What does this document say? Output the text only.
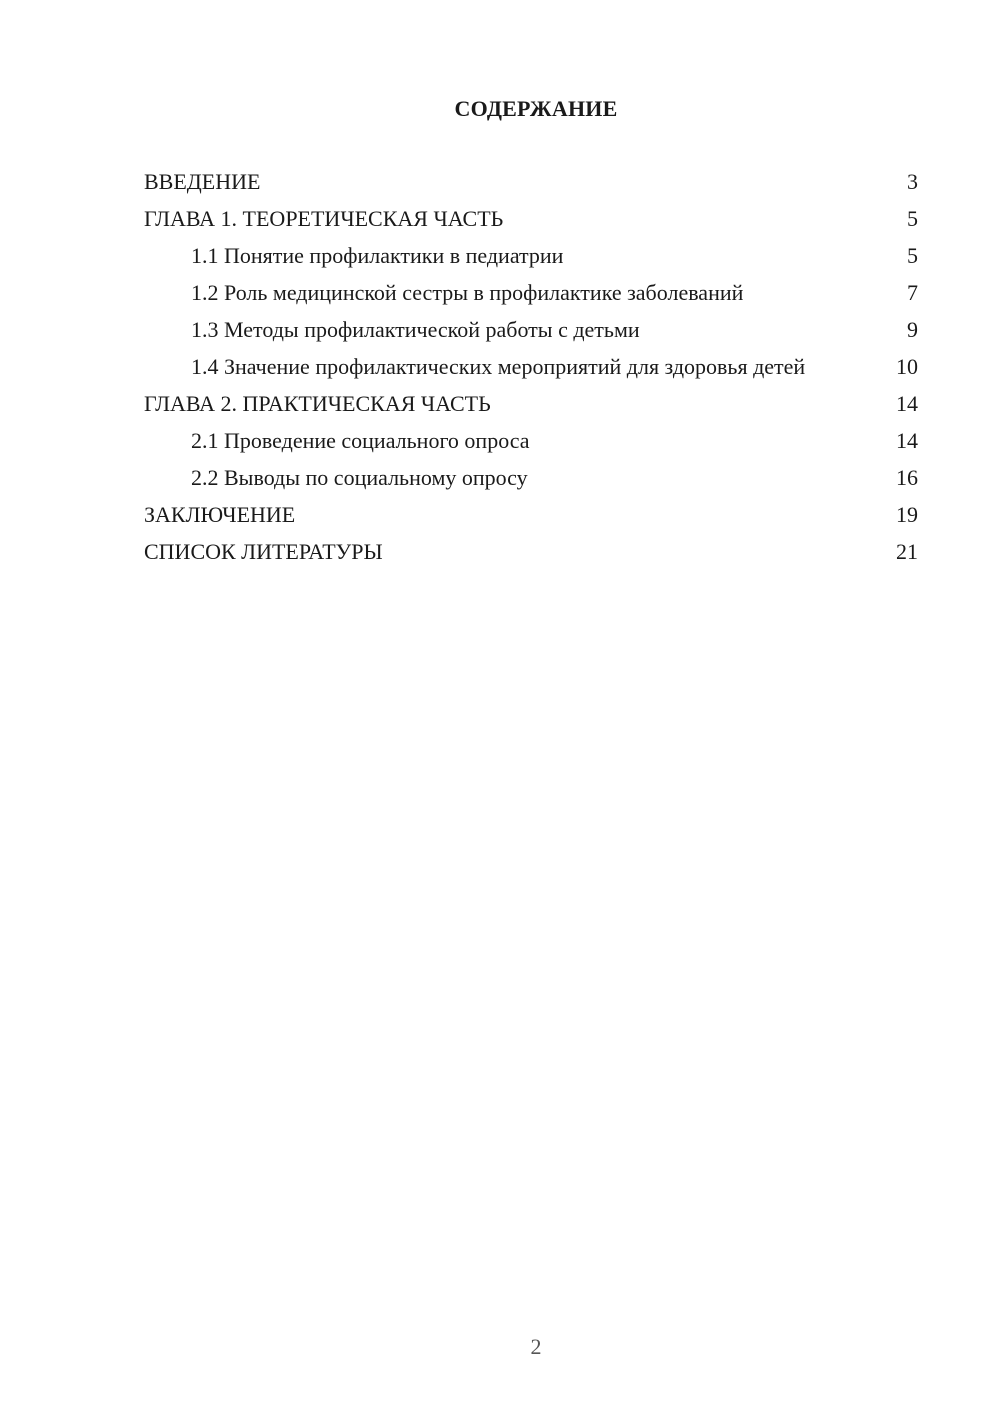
СОДЕРЖАНИЕ
ВВЕДЕНИЕ	3
ГЛАВА 1. ТЕОРЕТИЧЕСКАЯ ЧАСТЬ	5
1.1 Понятие профилактики в педиатрии	5
1.2 Роль медицинской сестры в профилактике заболеваний	7
1.3 Методы профилактической работы с детьми	9
1.4 Значение профилактических мероприятий для здоровья детей	10
ГЛАВА 2. ПРАКТИЧЕСКАЯ ЧАСТЬ	14
2.1 Проведение социального опроса	14
2.2 Выводы по социальному опросу	16
ЗАКЛЮЧЕНИЕ	19
СПИСОК ЛИТЕРАТУРЫ	21
2
